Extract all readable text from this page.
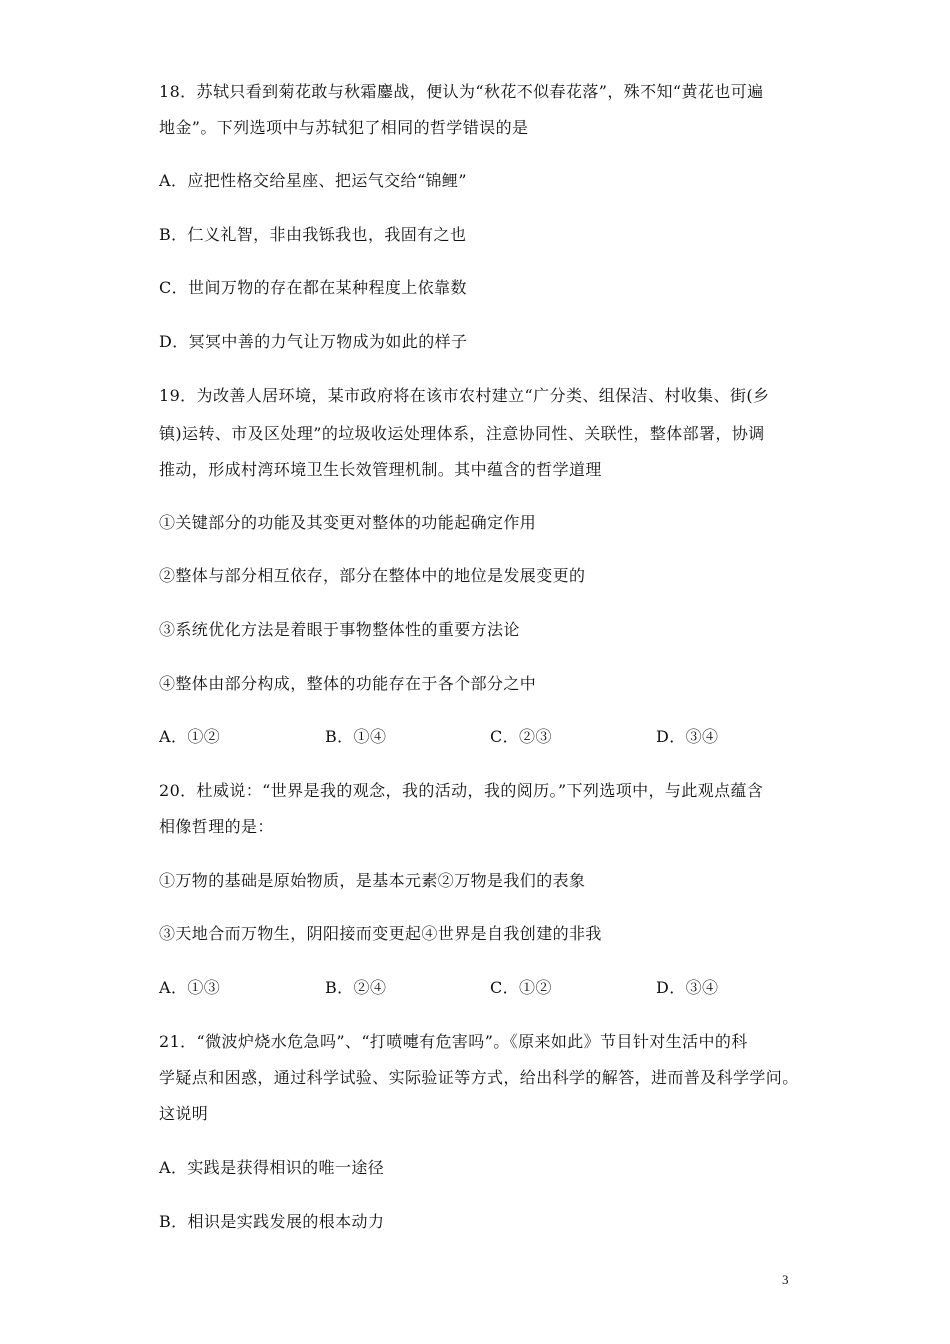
18．苏轼只看到菊花敢与秋霜鏖战，便认为“秋花不似春花落”，殊不知“黄花也可遍
地金”。下列选项中与苏轼犯了相同的哲学错误的是
A．应把性格交给星座、把运气交给“锦鲤”
B．仁义礼智，非由我铄我也，我固有之也
C．世间万物的存在都在某种程度上依靠数
D．冥冥中善的力气让万物成为如此的样子
19．为改善人居环境，某市政府将在该市农村建立“广分类、组保洁、村收集、街(乡
镇)运转、市及区处理”的垃圾收运处理体系，注意协同性、关联性，整体部署，协调
推动，形成村湾环境卫生长效管理机制。其中蕴含的哲学道理
①关键部分的功能及其变更对整体的功能起确定作用
②整体与部分相互依存，部分在整体中的地位是发展变更的
③系统优化方法是着眼于事物整体性的重要方法论
④整体由部分构成，整体的功能存在于各个部分之中
A．①②	B．①④	C．②③	D．③④
20．杜威说：“世界是我的观念，我的活动，我的阅历。”下列选项中，与此观点蕴含
相像哲理的是：
①万物的基础是原始物质，是基本元素②万物是我们的表象
③天地合而万物生，阴阳接而变更起④世界是自我创建的非我
A．①③	B．②④	C．①②	D．③④
21．“微波炉烧水危急吗”、“打喷嚏有危害吗”。《原来如此》节目针对生活中的科
学疑点和困惑，通过科学试验、实际验证等方式，给出科学的解答，进而普及科学学问。
这说明
A．实践是获得相识的唯一途径
B．相识是实践发展的根本动力
3
